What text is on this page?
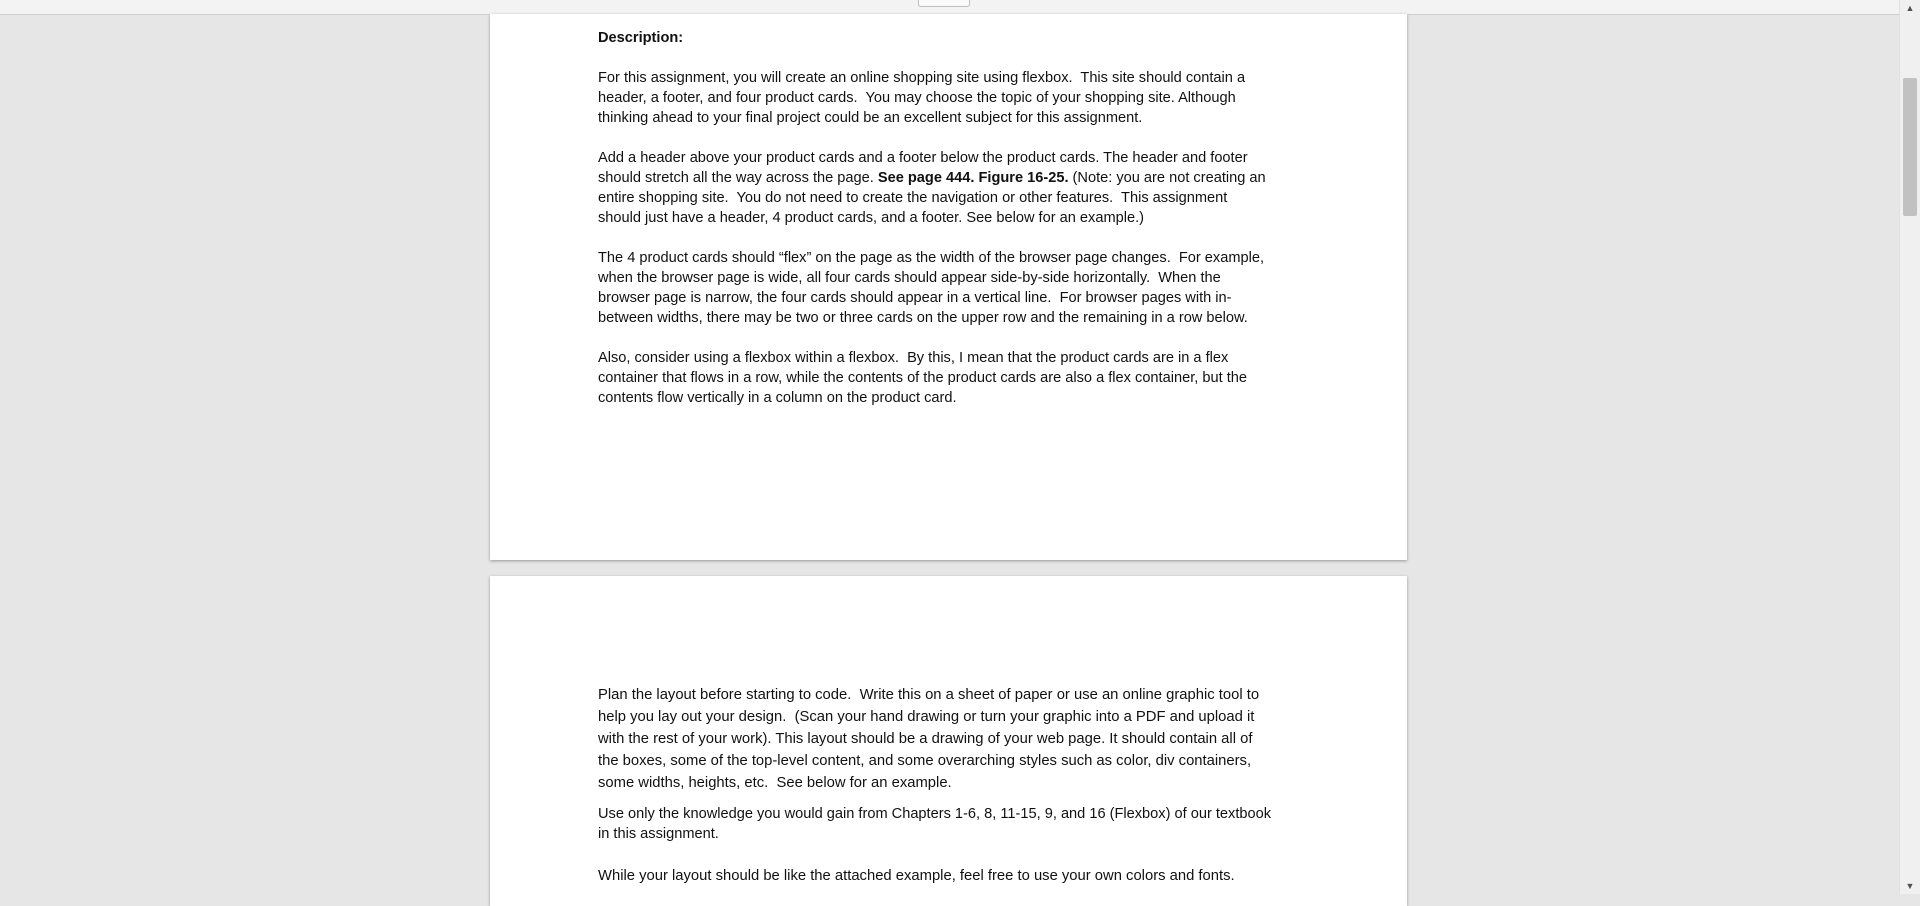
Description:

For this assignment, you will create an online shopping site using flexbox.  This site should contain a

header, a footer, and four product cards.  You may choose the topic of your shopping site. Although

thinking ahead to your final project could be an excellent subject for this assignment.

Add a header above your product cards and a footer below the product cards. The header and footer

should stretch all the way across the page. See page 444. Figure 16-25. (Note: you are not creating an

entire shopping site.  You do not need to create the navigation or other features.  This assignment

should just have a header, 4 product cards, and a footer. See below for an example.)

The 4 product cards should “flex” on the page as the width of the browser page changes.  For example,

when the browser page is wide, all four cards should appear side-by-side horizontally.  When the

browser page is narrow, the four cards should appear in a vertical line.  For browser pages with in-

between widths, there may be two or three cards on the upper row and the remaining in a row below.

Also, consider using a flexbox within a flexbox.  By this, I mean that the product cards are in a flex

container that flows in a row, while the contents of the product cards are also a flex container, but the

contents flow vertically in a column on the product card.

Plan the layout before starting to code.  Write this on a sheet of paper or use an online graphic tool to

help you lay out your design.  (Scan your hand drawing or turn your graphic into a PDF and upload it

with the rest of your work). This layout should be a drawing of your web page. It should contain all of

the boxes, some of the top-level content, and some overarching styles such as color, div containers,

some widths, heights, etc.  See below for an example.

Use only the knowledge you would gain from Chapters 1-6, 8, 11-15, 9, and 16 (Flexbox) of our textbook

in this assignment.

While your layout should be like the attached example, feel free to use your own colors and fonts.

▲
▼
